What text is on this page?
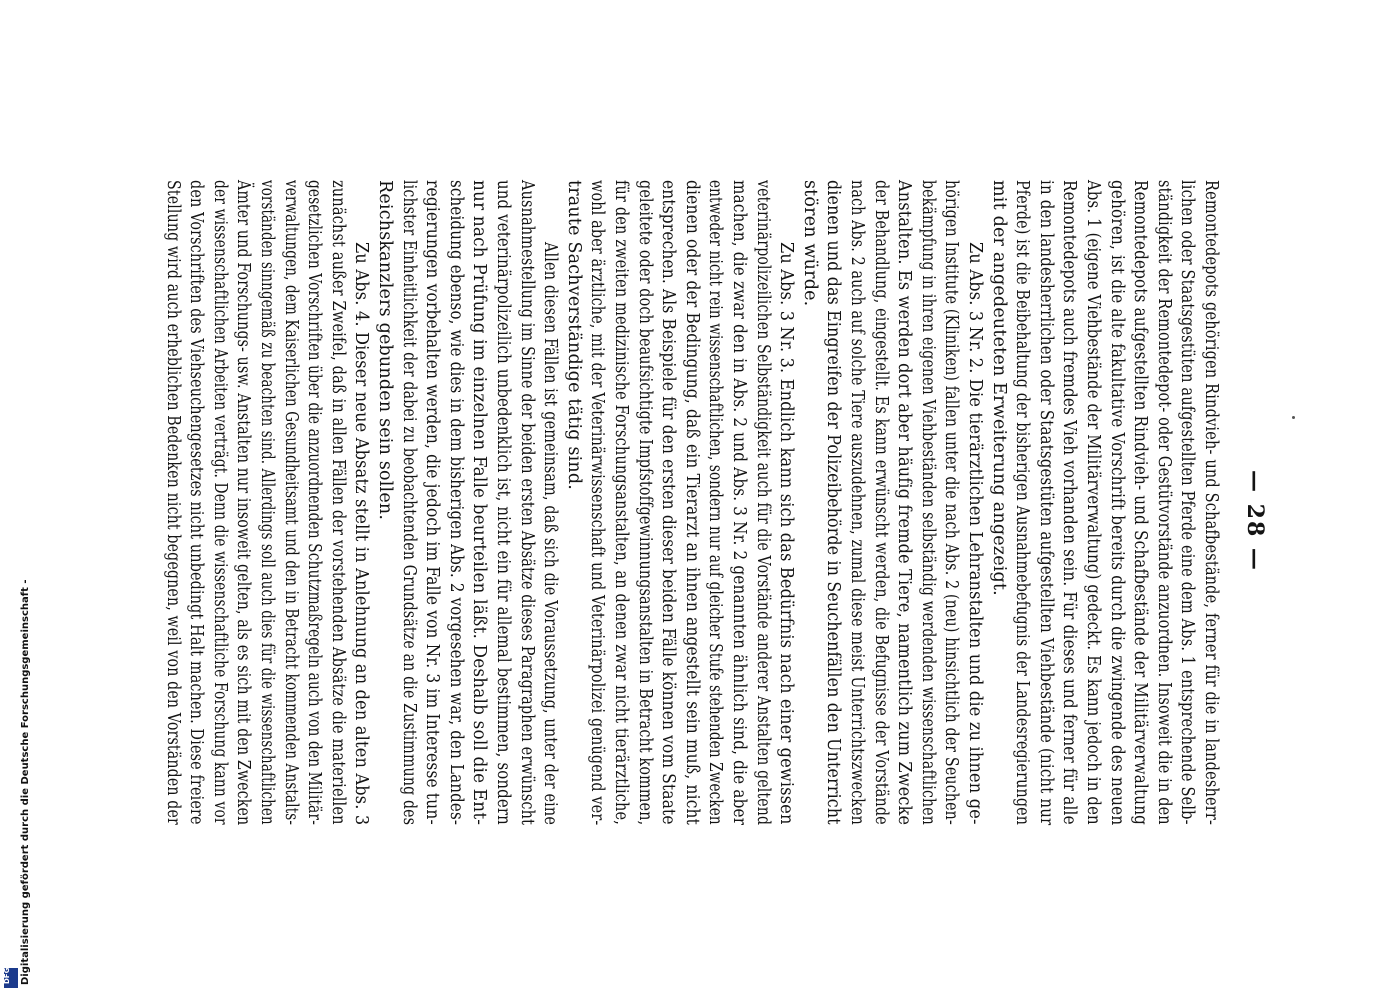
— 28 —
Remontedepots gehörigen Rindvieh- und Schafbestände, ferner für die in landesherr-
lichen oder Staatsgestüten aufgestellten Pferde eine dem Abs. 1 entsprechende Selb-
ständigkeit der Remontedepot- oder Gestütvorstände anzuordnen. Insoweit die in den
Remontedepots aufgestellten Rindvieh- und Schafbestände der Militärverwaltung
gehören, ist die alte fakultative Vorschrift bereits durch die zwingende des neuen
Abs. 1 (eigene Viehbestände der Militärverwaltung) gedeckt. Es kann jedoch in den
Remontedepots auch fremdes Vieh vorhanden sein. Für dieses und ferner für alle
in den landesherrlichen oder Staatsgestüten aufgestellten Viehbestände (nicht nur
Pferde) ist die Beibehaltung der bisherigen Ausnahmebefugnis der Landesregierungen
mit der angedeuteten Erweiterung angezeigt.
Zu Abs. 3 Nr. 2. Die tierärztlichen Lehranstalten und die zu ihnen ge-
hörigen Institute (Kliniken) fallen unter die nach Abs. 2 (neu) hinsichtlich der Seuchen-
bekämpfung in ihren eigenen Viehbeständen selbständig werdenden wissenschaftlichen
Anstalten. Es werden dort aber häufig fremde Tiere, namentlich zum Zwecke
der Behandlung, eingestellt. Es kann erwünscht werden, die Befugnisse der Vorstände
nach Abs. 2 auch auf solche Tiere auszudehnen, zumal diese meist Unterrichtszwecken
dienen und das Eingreifen der Polizeibehörde in Seuchenfällen den Unterricht
stören würde.
Zu Abs. 3 Nr. 3. Endlich kann sich das Bedürfnis nach einer gewissen
veterinärpolizeilichen Selbständigkeit auch für die Vorstände anderer Anstalten geltend
machen, die zwar den in Abs. 2 und Abs. 3 Nr. 2 genannten ähnlich sind, die aber
entweder nicht rein wissenschaftlichen, sondern nur auf gleicher Stufe stehenden Zwecken
dienen oder der Bedingung, daß ein Tierarzt an ihnen angestellt sein muß, nicht
entsprechen. Als Beispiele für den ersten dieser beiden Fälle können vom Staate
geleitete oder doch beaufsichtigte Impfstoffgewinnungsanstalten in Betracht kommen,
für den zweiten medizinische Forschungsanstalten, an denen zwar nicht tierärztliche,
wohl aber ärztliche, mit der Veterinärwissenschaft und Veterinärpolizei genügend ver-
traute Sachverständige tätig sind.
Allen diesen Fällen ist gemeinsam, daß sich die Voraussetzung, unter der eine
Ausnahmestellung im Sinne der beiden ersten Absätze dieses Paragraphen erwünscht
und veterinärpolizeilich unbedenklich ist, nicht ein für allemal bestimmen, sondern
nur nach Prüfung im einzelnen Falle beurteilen läßt. Deshalb soll die Ent-
scheidung ebenso, wie dies in dem bisherigen Abs. 2 vorgesehen war, den Landes-
regierungen vorbehalten werden, die jedoch im Falle von Nr. 3 im Interesse tun-
lichster Einheitlichkeit der dabei zu beobachtenden Grundsätze an die Zustimmung des
Reichskanzlers gebunden sein sollen.
Zu Abs. 4. Dieser neue Absatz stellt in Anlehnung an den alten Abs. 3
zunächst außer Zweifel, daß in allen Fällen der vorstehenden Absätze die materiellen
gesetzlichen Vorschriften über die anzuordnenden Schutzmaßregeln auch von den Militär-
verwaltungen, dem Kaiserlichen Gesundheitsamt und den in Betracht kommenden Anstalts-
vorständen sinngemäß zu beachten sind. Allerdings soll auch dies für die wissenschaftlichen
Ämter und Forschungs- usw. Anstalten nur insoweit gelten, als es sich mit den Zwecken
der wissenschaftlichen Arbeiten verträgt. Denn die wissenschaftliche Forschung kann vor
den Vorschriften des Viehseuchengesetzes nicht unbedingt Halt machen. Diese freiere
Stellung wird auch erheblichen Bedenken nicht begegnen, weil von den Vorständen der
Digitalisierung gefördert durch die Deutsche Forschungsgemeinschaft -
DFG
